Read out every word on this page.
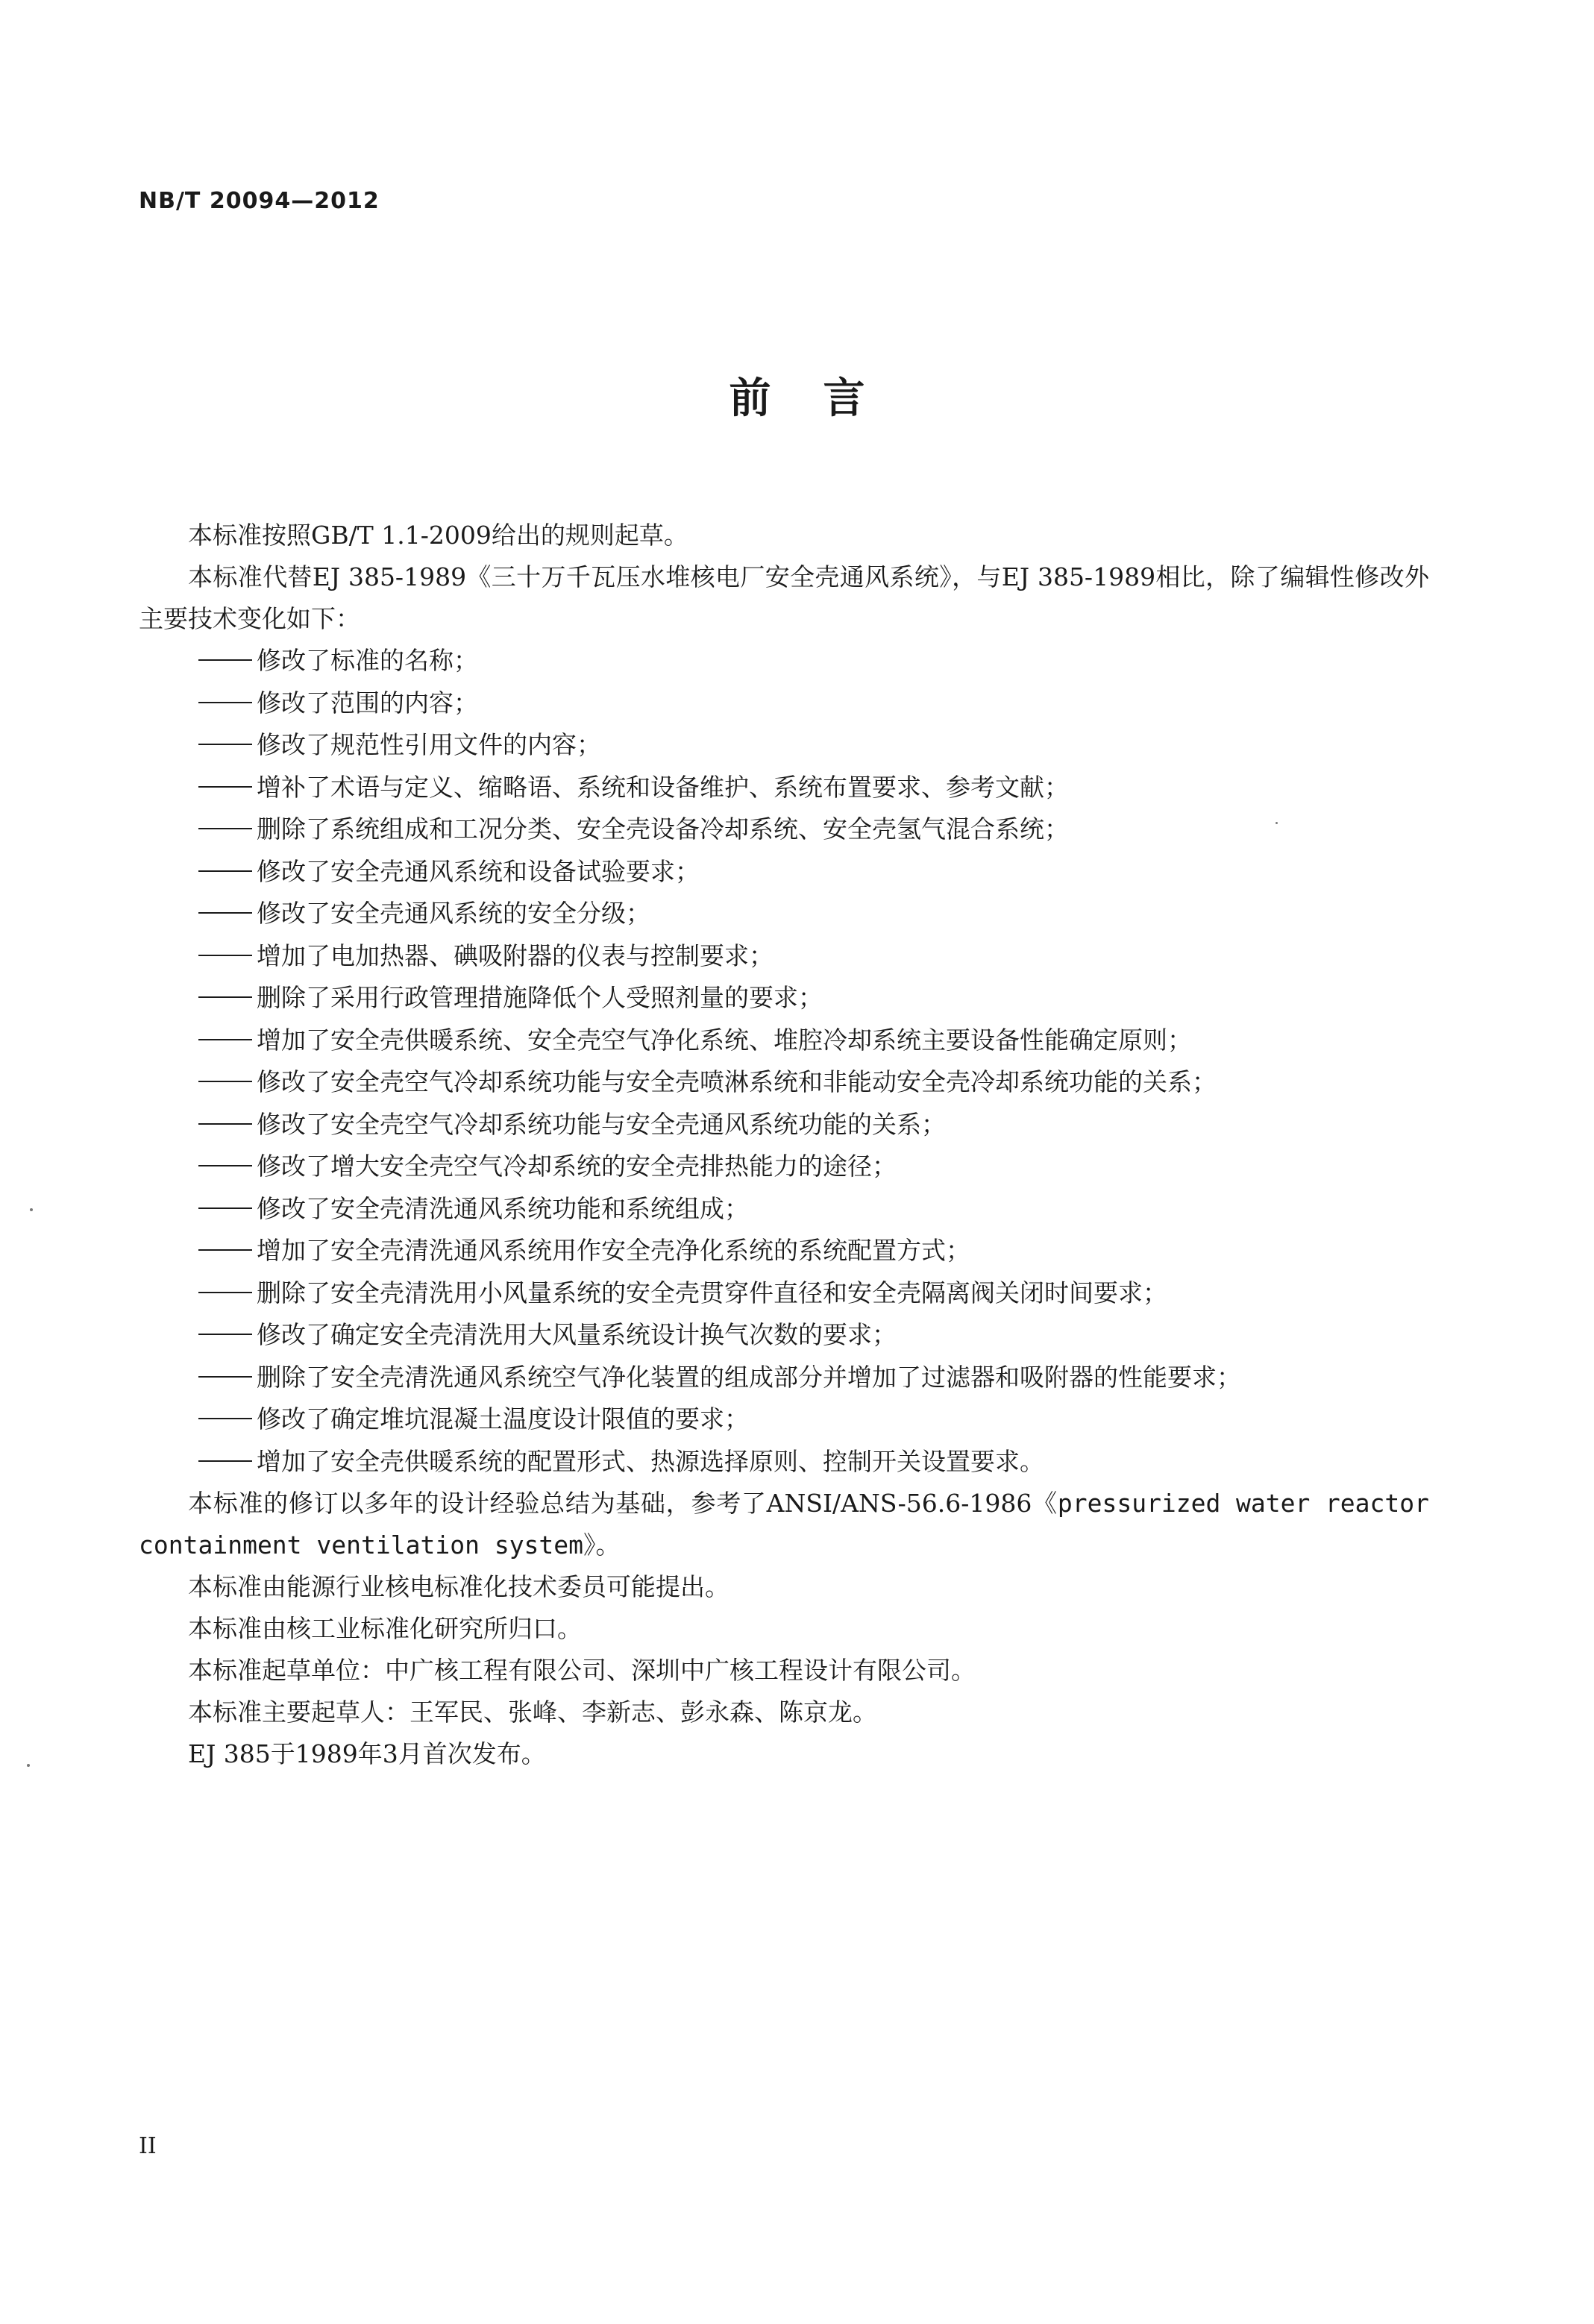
NB/T 20094—2012
前言

本标准按照GB/T 1.1-2009给出的规则起草。

本标准代替EJ 385-1989《三十万千瓦压水堆核电厂安全壳通风系统》，与EJ 385-1989相比，除了编辑性修改外主要技术变化如下：

修改了标准的名称；
修改了范围的内容；
修改了规范性引用文件的内容；
增补了术语与定义、缩略语、系统和设备维护、系统布置要求、参考文献；
删除了系统组成和工况分类、安全壳设备冷却系统、安全壳氢气混合系统；
修改了安全壳通风系统和设备试验要求；
修改了安全壳通风系统的安全分级；
增加了电加热器、碘吸附器的仪表与控制要求；
删除了采用行政管理措施降低个人受照剂量的要求；
增加了安全壳供暖系统、安全壳空气净化系统、堆腔冷却系统主要设备性能确定原则；
修改了安全壳空气冷却系统功能与安全壳喷淋系统和非能动安全壳冷却系统功能的关系；
修改了安全壳空气冷却系统功能与安全壳通风系统功能的关系；
修改了增大安全壳空气冷却系统的安全壳排热能力的途径；
修改了安全壳清洗通风系统功能和系统组成；
增加了安全壳清洗通风系统用作安全壳净化系统的系统配置方式；
删除了安全壳清洗用小风量系统的安全壳贯穿件直径和安全壳隔离阀关闭时间要求；
修改了确定安全壳清洗用大风量系统设计换气次数的要求；
删除了安全壳清洗通风系统空气净化装置的组成部分并增加了过滤器和吸附器的性能要求；
修改了确定堆坑混凝土温度设计限值的要求；
增加了安全壳供暖系统的配置形式、热源选择原则、控制开关设置要求。

本标准的修订以多年的设计经验总结为基础，参考了ANSI/ANS-56.6-1986《pressurized water reactor containment ventilation system》。

本标准由能源行业核电标准化技术委员可能提出。

本标准由核工业标准化研究所归口。

本标准起草单位：中广核工程有限公司、深圳中广核工程设计有限公司。

本标准主要起草人：王军民、张峰、李新志、彭永森、陈京龙。

EJ 385于1989年3月首次发布。

II
